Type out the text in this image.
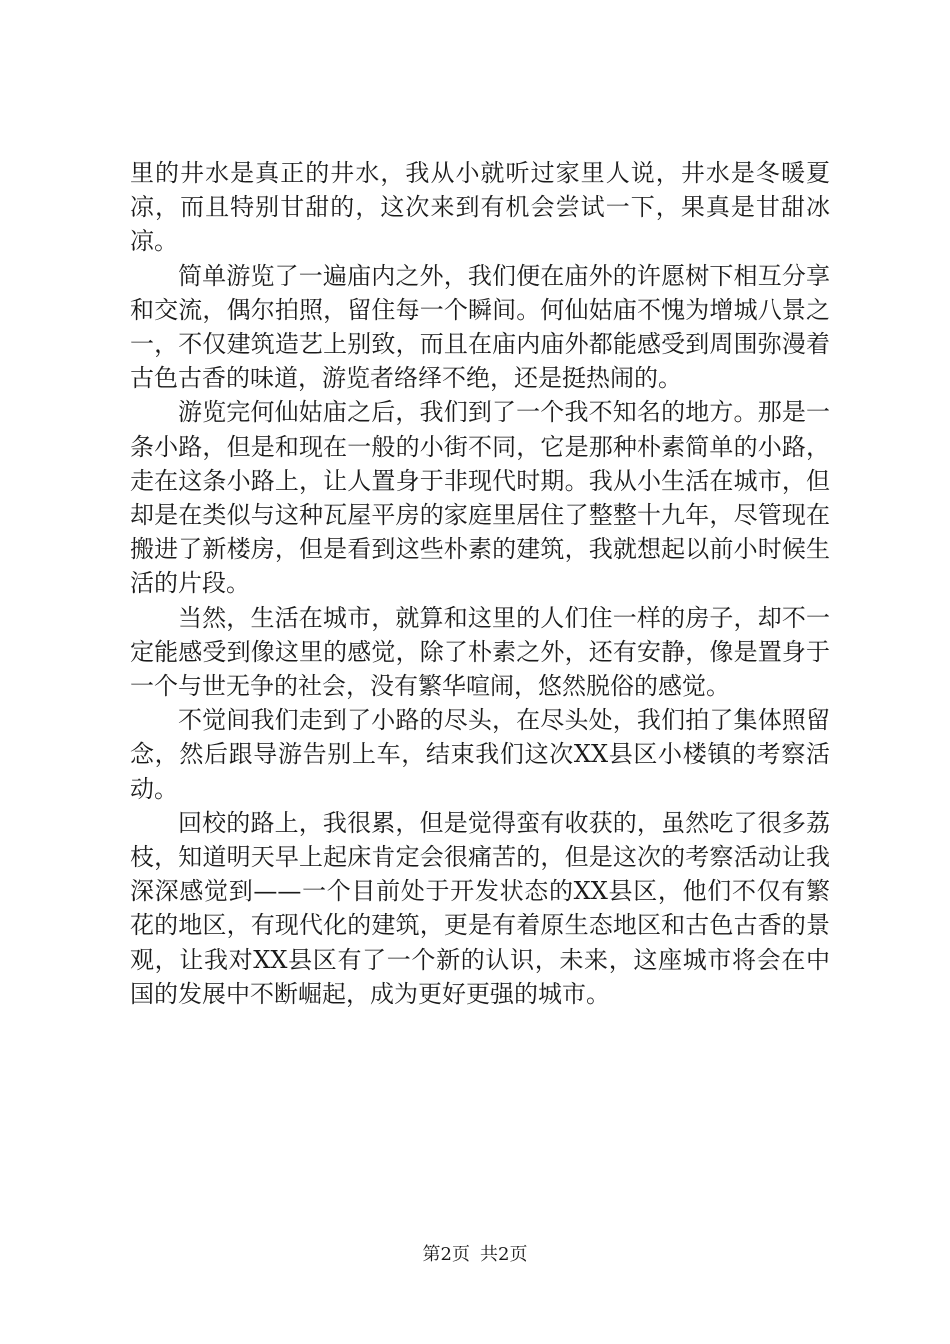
里的井水是真正的井水，我从小就听过家里人说，井水是冬暖夏凉，而且特别甘甜的，这次来到有机会尝试一下，果真是甘甜冰凉。

简单游览了一遍庙内之外，我们便在庙外的许愿树下相互分享和交流，偶尔拍照，留住每一个瞬间。何仙姑庙不愧为增城八景之一，不仅建筑造艺上别致，而且在庙内庙外都能感受到周围弥漫着古色古香的味道，游览者络绎不绝，还是挺热闹的。

游览完何仙姑庙之后，我们到了一个我不知名的地方。那是一条小路，但是和现在一般的小街不同，它是那种朴素简单的小路，走在这条小路上，让人置身于非现代时期。我从小生活在城市，但却是在类似与这种瓦屋平房的家庭里居住了整整十九年，尽管现在搬进了新楼房，但是看到这些朴素的建筑，我就想起以前小时候生活的片段。

当然，生活在城市，就算和这里的人们住一样的房子，却不一定能感受到像这里的感觉，除了朴素之外，还有安静，像是置身于一个与世无争的社会，没有繁华喧闹，悠然脱俗的感觉。

不觉间我们走到了小路的尽头，在尽头处，我们拍了集体照留念，然后跟导游告别上车，结束我们这次XX县区小楼镇的考察活动。

回校的路上，我很累，但是觉得蛮有收获的，虽然吃了很多荔枝，知道明天早上起床肯定会很痛苦的，但是这次的考察活动让我深深感觉到——一个目前处于开发状态的XX县区，他们不仅有繁花的地区，有现代化的建筑，更是有着原生态地区和古色古香的景观，让我对XX县区有了一个新的认识，未来，这座城市将会在中国的发展中不断崛起，成为更好更强的城市。

第2页 共2页
